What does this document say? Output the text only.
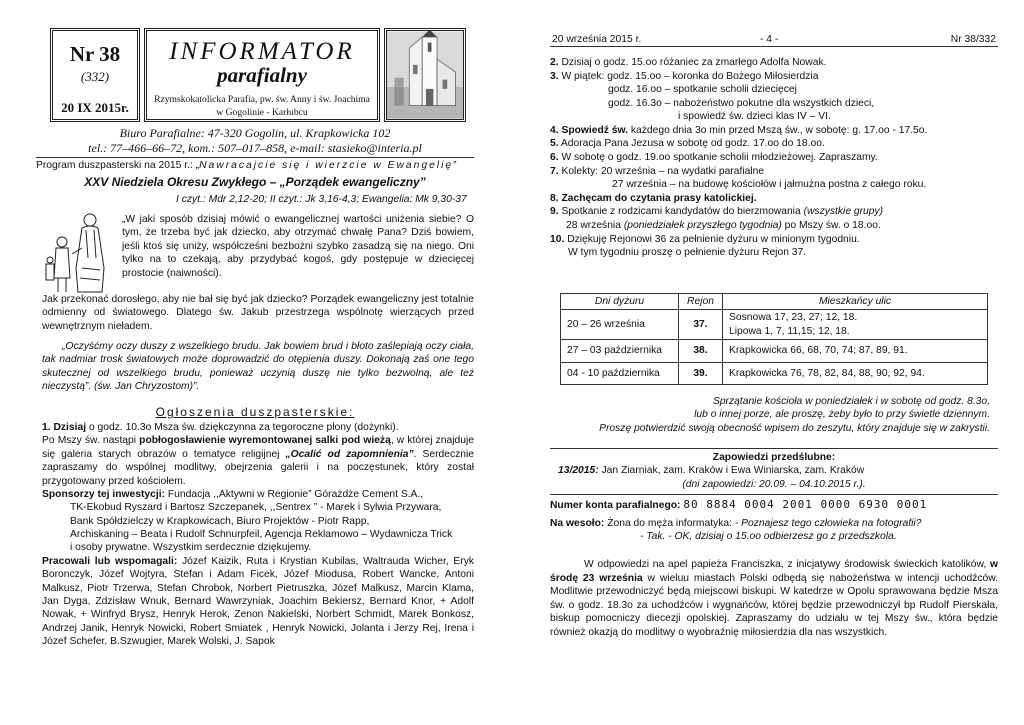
Nr 38
(332)
20 IX 2015r.
INFORMATOR
parafialny
Rzymskokatolicka Parafia, pw. św. Anny i św. Joachima
w Gogolinie - Karłubcu
Biuro Parafialne: 47-320 Gogolin, ul. Krapkowicka 102
tel.: 77–466–66–72, kom.: 507–017–858, e-mail: stasieko@interia.pl
Program duszpasterski na 2015 r.: „Nawracajcie się i wierzcie w Ewangelię”
XXV Niedziela Okresu Zwykłego – „Porządek ewangeliczny”
I czyt.: Mdr 2,12-20; II czyt.: Jk 3,16-4,3; Ewangelia: Mk 9,30-37
„W jaki sposób dzisiaj mówić o ewangelicznej wartości uniżenia siebie? O tym, że trzeba być jak dziecko, aby otrzymać chwałę Pana? Dziś bowiem, jeśli ktoś się uniży, współcześni bezbożni szybko zasadzą się na niego. Oni tylko na to czekają, aby przydybać kogoś, gdy postępuje w dziecięcej prostocie (naiwności).
Jak przekonać dorosłego, aby nie bał się być jak dziecko? Porządek ewangeliczny jest totalnie odmienny od światowego. Dlatego św. Jakub przestrzega wspólnotę wierzących przed wewnętrznym nieładem.
„Oczyśćmy oczy duszy z wszelkiego brudu. Jak bowiem brud i błoto zaślepiają oczy ciała, tak nadmiar trosk światowych może doprowadzić do otępienia duszy. Dokonają zaś one tego skutecznej od wszelkiego brudu, ponieważ uczynią duszę nie tylko bezwolną, ale też nieczystą”. (św. Jan Chryzostom)”.
Ogłoszenia duszpasterskie:

1. Dzisiaj o godz. 10.3o Msza św. dziękczynna za tegoroczne plony (dożynki).

Po Mszy św. nastąpi pobłogosławienie wyremontowanej salki pod wieżą, w której znajduje się galeria starych obrazów o tematyce religijnej „Ocalić od zapomnienia”. Serdecznie zapraszamy do wspólnej modlitwy, obejrzenia galerii i na poczęstunek, który został przygotowany przed kościołem.

Sponsorzy tej inwestycji: Fundacja ,,Aktywni w Regionie” Górażdże Cement S.A.,

TK-Ekobud Ryszard i Bartosz Szczepanek, ,,Sentrex ” - Marek i Sylwia Przywara,

Bank Spółdzielczy w Krapkowicach, Biuro Projektów - Piotr Rapp,

Archiskaning – Beata i Rudolf Schnurpfeil, Agencja Reklamowo – Wydawnicza Trick

i osoby prywatne. Wszystkim serdecznie dziękujemy.

Pracowali lub wspomagali: Józef Kaizik, Ruta i Krystian Kubilas, Waltrauda Wicher, Eryk Boronczyk, Józef Wojtyra, Stefan i Adam Ficek, Józef Miodusa, Robert Wancke, Antoni Malkusz, Piotr Trzerwa, Stefan Chrobok, Norbert Pietruszka, Józef Malkusz, Marcin Klama, Jan Dyga, Zdzisław Wnuk, Bernard Wawrzyniak, Joachim Bekiersz, Bernard Knor, + Adolf Nowak, + Winfryd Brysz, Henryk Herok, Zenon Nakielski, Norbert Schmidt, Marek Bonkosz, Andrzej Janik, Henryk Nowicki, Robert Smiatek , Henryk Nowicki, Jolanta i Jerzy Rej, Irena i Józef Schefer, B.Szwugier, Marek Wolski, J. Sapok

20 września 2015 r.	- 4 -	Nr 38/332

2. Dzisiaj o godz. 15.oo różaniec za zmarłego Adolfa Nowak.

3. W piątek: godz. 15.oo – koronka do Bożego Miłosierdzia

godz. 16.oo – spotkanie scholii dziecięcej

godz. 16.3o – nabożeństwo pokutne dla wszystkich dzieci,

i spowiedź św. dzieci klas IV – VI.

4. Spowiedź św. każdego dnia 3o min przed Mszą św., w sobotę: g. 17.oo - 17.5o.

5. Adoracja Pana Jezusa w sobotę od godz. 17.oo do 18.oo.

6. W sobotę o godz. 19.oo spotkanie scholii młodzieżowej. Zapraszamy.

7. Kolekty: 20 września – na wydatki parafialne

27 września – na budowę kościołów i jałmużna postna z całego roku.

8. Zachęcam do czytania prasy katolickiej.

9. Spotkanie z rodzicami kandydatów do bierzmowania (wszystkie grupy)

28 września (poniedziałek przyszłego tygodnia) po Mszy św. o 18.oo.

10. Dziękuję Rejonowi 36 za pełnienie dyżuru w minionym tygodniu.

W tym tygodniu proszę o pełnienie dyżuru Rejon 37.

Dni dyżuru	Rejon	Mieszkańcy ulic
20 – 26 września	37.	Sosnowa 17, 23, 27; 12, 18.
Lipowa 1, 7, 11,15; 12, 18.

27 – 03 października	38.	Krapkowicka 66, 68, 70, 74; 87, 89, 91.
04 - 10 października	39.	Krapkowicka 76, 78, 82, 84, 88, 90, 92, 94.
Sprzątanie kościoła w poniedziałek i w sobotę od godz. 8.3o,
lub o innej porze, ale proszę, żeby było to przy świetle dziennym.
Proszę potwierdzić swoją obecność wpisem do zeszytu, który znajduje się w zakrystii.
Zapowiedzi przedślubne:
13/2015: Jan Ziarniak, zam. Kraków i Ewa Winiarska, zam. Kraków
(dni zapowiedzi: 20.09. – 04.10.2015 r.).
Numer konta parafialnego: 80 8884 0004 2001 0000 6930 0001
Na wesoło: Żona do męża informatyka: - Poznajesz tego człowieka na fotografii?
- Tak. - OK, dzisiaj o 15.oo odbierzesz go z przedszkola.
W odpowiedzi na apel papieża Franciszka, z inicjatywy środowisk świeckich katolików, w środę 23 września w wieluu miastach Polski odbędą się nabożeństwa w intencji uchodźców. Modlitwie przewodniczyć będą miejscowi biskupi. W katedrze w Opolu sprawowana będzie Msza św. o godz. 18.3o za uchodźców i wygnańców, której będzie przewodniczył bp Rudolf Pierskała, biskup pomocniczy diecezji opolskiej. Zapraszamy do udziału w tej Mszy św., która będzie również okazją do modlitwy o wyobraźnię miłosierdzia dla nas wszystkich.
